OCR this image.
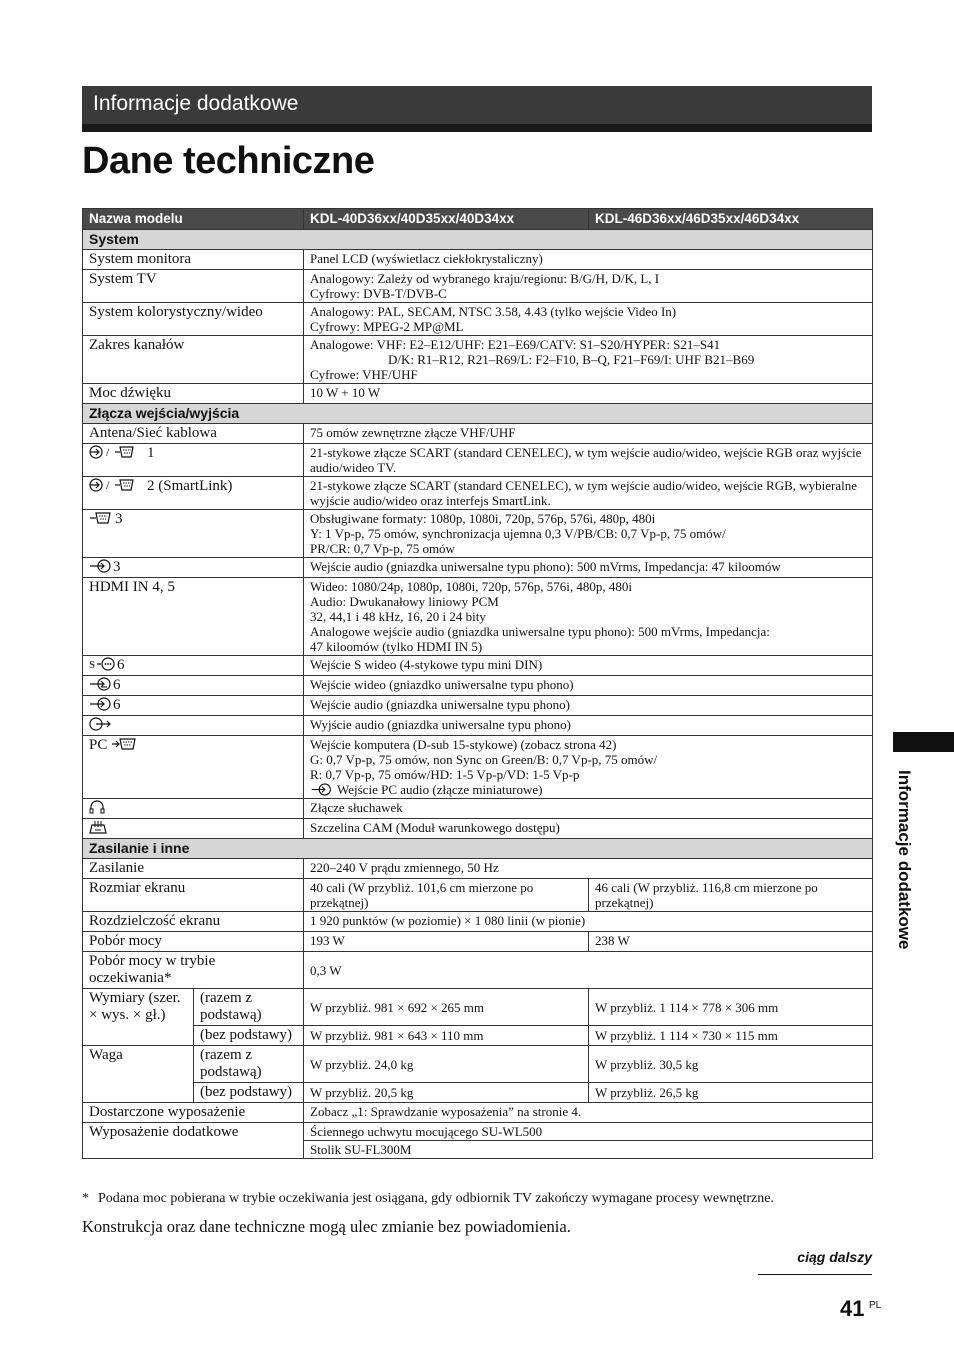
Informacje dodatkowe
Dane techniczne
Nazwa modelu		KDL-40D36xx/40D35xx/40D34xx	KDL-46D36xx/46D35xx/46D34xx
System			
System monitora		Panel LCD (wyświetlacz ciekłokrystaliczny)	
System TV		Analogowy: Zależy od wybranego kraju/regionu: B/G/H, D/K, L, I
Cyfrowy: DVB-T/DVB-C	

System kolorystyczny/wideo		Analogowy: PAL, SECAM, NTSC 3.58, 4.43 (tylko wejście Video In)
Cyfrowy: MPEG-2 MP@ML	

Zakres kanałów		Analogowe: VHF: E2–E12/UHF: E21–E69/CATV: S1–S20/HYPER: S21–S41
D/K: R1–R12, R21–R69/L: F2–F10, B–Q, F21–F69/I: UHF B21–B69
Cyfrowe: VHF/UHF	

Moc dźwięku		10 W + 10 W	
Złącza wejścia/wyjścia			
Antena/Sieć kablowa		75 omów zewnętrzne złącze VHF/UHF	

/ 1		21-stykowe złącze SCART (standard CENELEC), w tym wejście audio/wideo, wejście RGB oraz wyjście audio/wideo TV.	

/ 2 (SmartLink)		21-stykowe złącze SCART (standard CENELEC), w tym wejście audio/wideo, wejście RGB, wybieralne wyjście audio/wideo oraz interfejs SmartLink.	
3		Obsługiwane formaty: 1080p, 1080i, 720p, 576p, 576i, 480p, 480i
Y: 1 Vp-p, 75 omów, synchronizacja ujemna 0,3 V/PB/CB: 0,7 Vp-p, 75 omów/
PR/CR: 0,7 Vp-p, 75 omów	

3		Wejście audio (gniazdka uniwersalne typu phono): 500 mVrms, Impedancja: 47 kiloomów	
HDMI IN 4, 5		Wideo: 1080/24p, 1080p, 1080i, 720p, 576p, 576i, 480p, 480i
Audio: Dwukanałowy liniowy PCM
32, 44,1 i 48 kHz, 16, 20 i 24 bity
Analogowe wejście audio (gniazdka uniwersalne typu phono): 500 mVrms, Impedancja:
47 kiloomów (tylko HDMI IN 5)	

S 6		Wejście S wideo (4-stykowe typu mini DIN)	
6		Wejście wideo (gniazdko uniwersalne typu phono)	
6		Wejście audio (gniazdka uniwersalne typu phono)	
	Wyjście audio (gniazdka uniwersalne typu phono)	
PC		Wejście komputera (D-sub 15-stykowe) (zobacz strona 42)
G: 0,7 Vp-p, 75 omów, non Sync on Green/B: 0,7 Vp-p, 75 omów/
R: 0,7 Vp-p, 75 omów/HD: 1-5 Vp-p/VD: 1-5 Vp-p
Wejście PC audio (złącze miniaturowe)	

	Złącze słuchawek	
	Szczelina CAM (Moduł warunkowego dostępu)	
Zasilanie i inne			
Zasilanie		220–240 V prądu zmiennego, 50 Hz	
Rozmiar ekranu		40 cali (W przybliż. 101,6 cm mierzone po przekątnej)	46 cali (W przybliż. 116,8 cm mierzone po przekątnej)
Rozdzielczość ekranu		1 920 punktów (w poziomie) × 1 080 linii (w pionie)	
Pobór mocy		193 W	238 W
Pobór mocy w trybie oczekiwania*		0,3 W	
Wymiary (szer. × wys. × gł.)	(razem z podstawą)	W przybliż. 981 × 692 × 265 mm	W przybliż. 1 114 × 778 × 306 mm
	(bez podstawy)	W przybliż. 981 × 643 × 110 mm	W przybliż. 1 114 × 730 × 115 mm
Waga	(razem z podstawą)	W przybliż. 24,0 kg	W przybliż. 30,5 kg
	(bez podstawy)	W przybliż. 20,5 kg	W przybliż. 26,5 kg
Dostarczone wyposażenie		Zobacz „1: Sprawdzanie wyposażenia” na stronie 4.	
Wyposażenie dodatkowe		Ściennego uchwytu mocującego SU-WL500	
		Stolik SU-FL300M	
* Podana moc pobierana w trybie oczekiwania jest osiągana, gdy odbiornik TV zakończy wymagane procesy wewnętrzne.
Konstrukcja oraz dane techniczne mogą ulec zmianie bez powiadomienia.
ciąg dalszy
41 PL
Informacje dodatkowe
